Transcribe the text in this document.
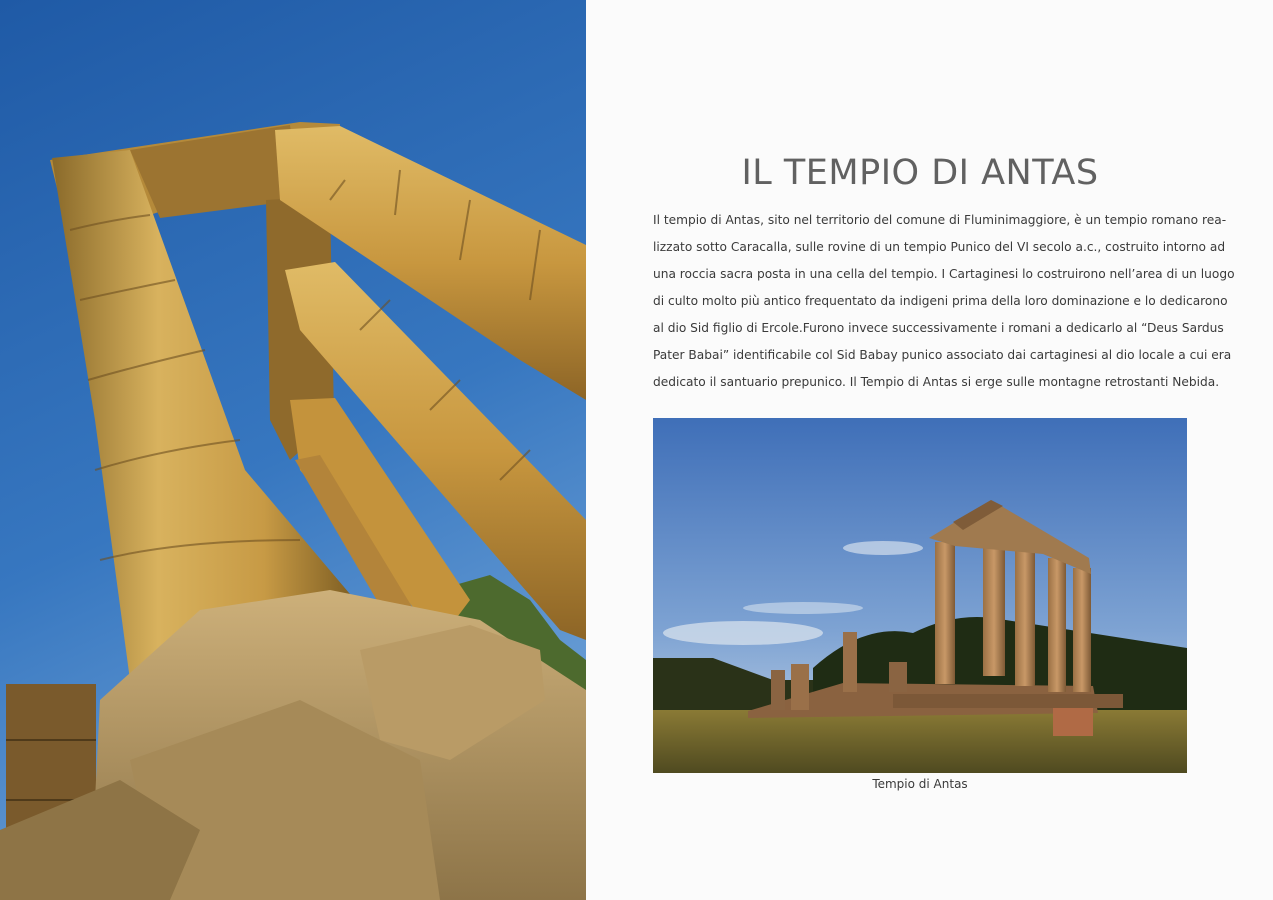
IL TEMPIO DI ANTAS

Il tempio di Antas, sito nel territorio del comune di Fluminimaggiore, è un tempio romano rea-
lizzato sotto Caracalla, sulle rovine di un tempio Punico del VI secolo a.c., costruito intorno ad
una roccia sacra posta in una cella del tempio. I Cartaginesi lo costruirono nell’area di un luogo
di culto molto più antico frequentato da indigeni prima della loro dominazione e lo dedicarono
al dio Sid figlio di Ercole.Furono invece successivamente i romani a dedicarlo al “Deus Sardus
Pater Babai” identificabile col Sid Babay punico associato dai cartaginesi al dio locale a cui era
dedicato il santuario prepunico. Il Tempio di Antas si erge sulle montagne retrostanti Nebida.

Tempio di Antas
